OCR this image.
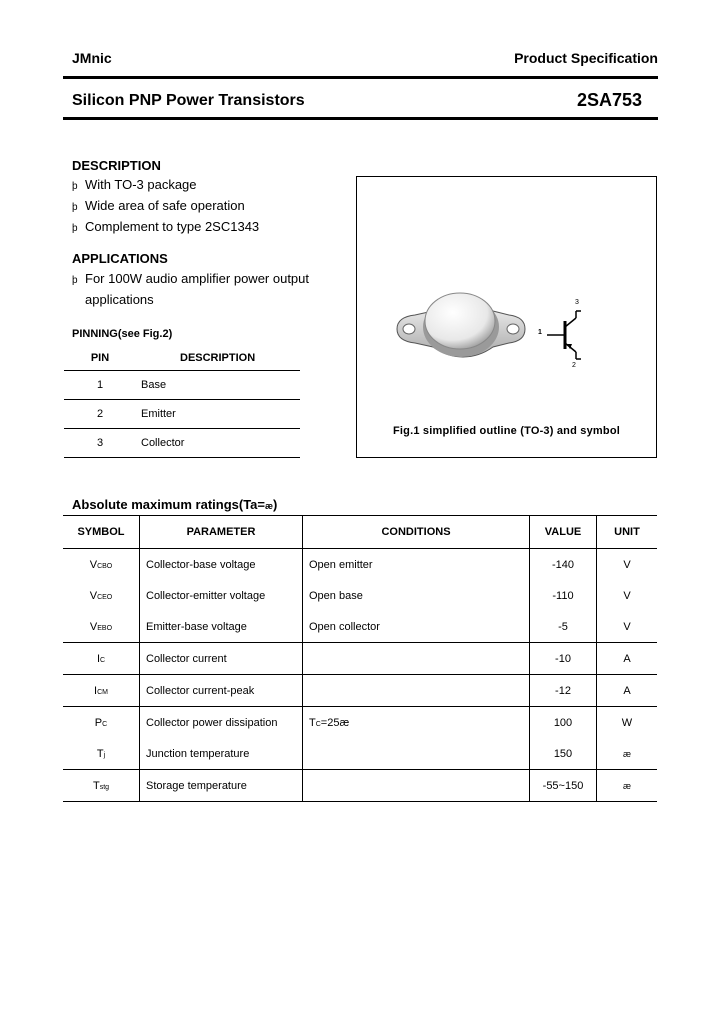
JMnic	Product Specification
Silicon PNP Power Transistors	2SA753
DESCRIPTION
þ With TO-3 package
þ Wide area of safe operation
þ Complement to type 2SC1343
APPLICATIONS
þ For 100W audio amplifier power output
applications
PINNING(see Fig.2)
PIN	DESCRIPTION
1	Base
2	Emitter
3	Collector
3
1
2
Fig.1 simplified outline (TO-3) and symbol
Absolute maximum ratings(Ta=æ)
SYMBOL	PARAMETER	CONDITIONS	VALUE	UNIT
VCBO	Collector-base voltage	Open emitter	-140	V
VCEO	Collector-emitter voltage	Open base	-110	V
VEBO	Emitter-base voltage	Open collector	-5	V
IC	Collector current		-10	A
ICM	Collector current-peak		-12	A
PC	Collector power dissipation	TC=25æ	100	W
Tj	Junction temperature		150	æ
Tstg	Storage temperature		-55~150	æ
